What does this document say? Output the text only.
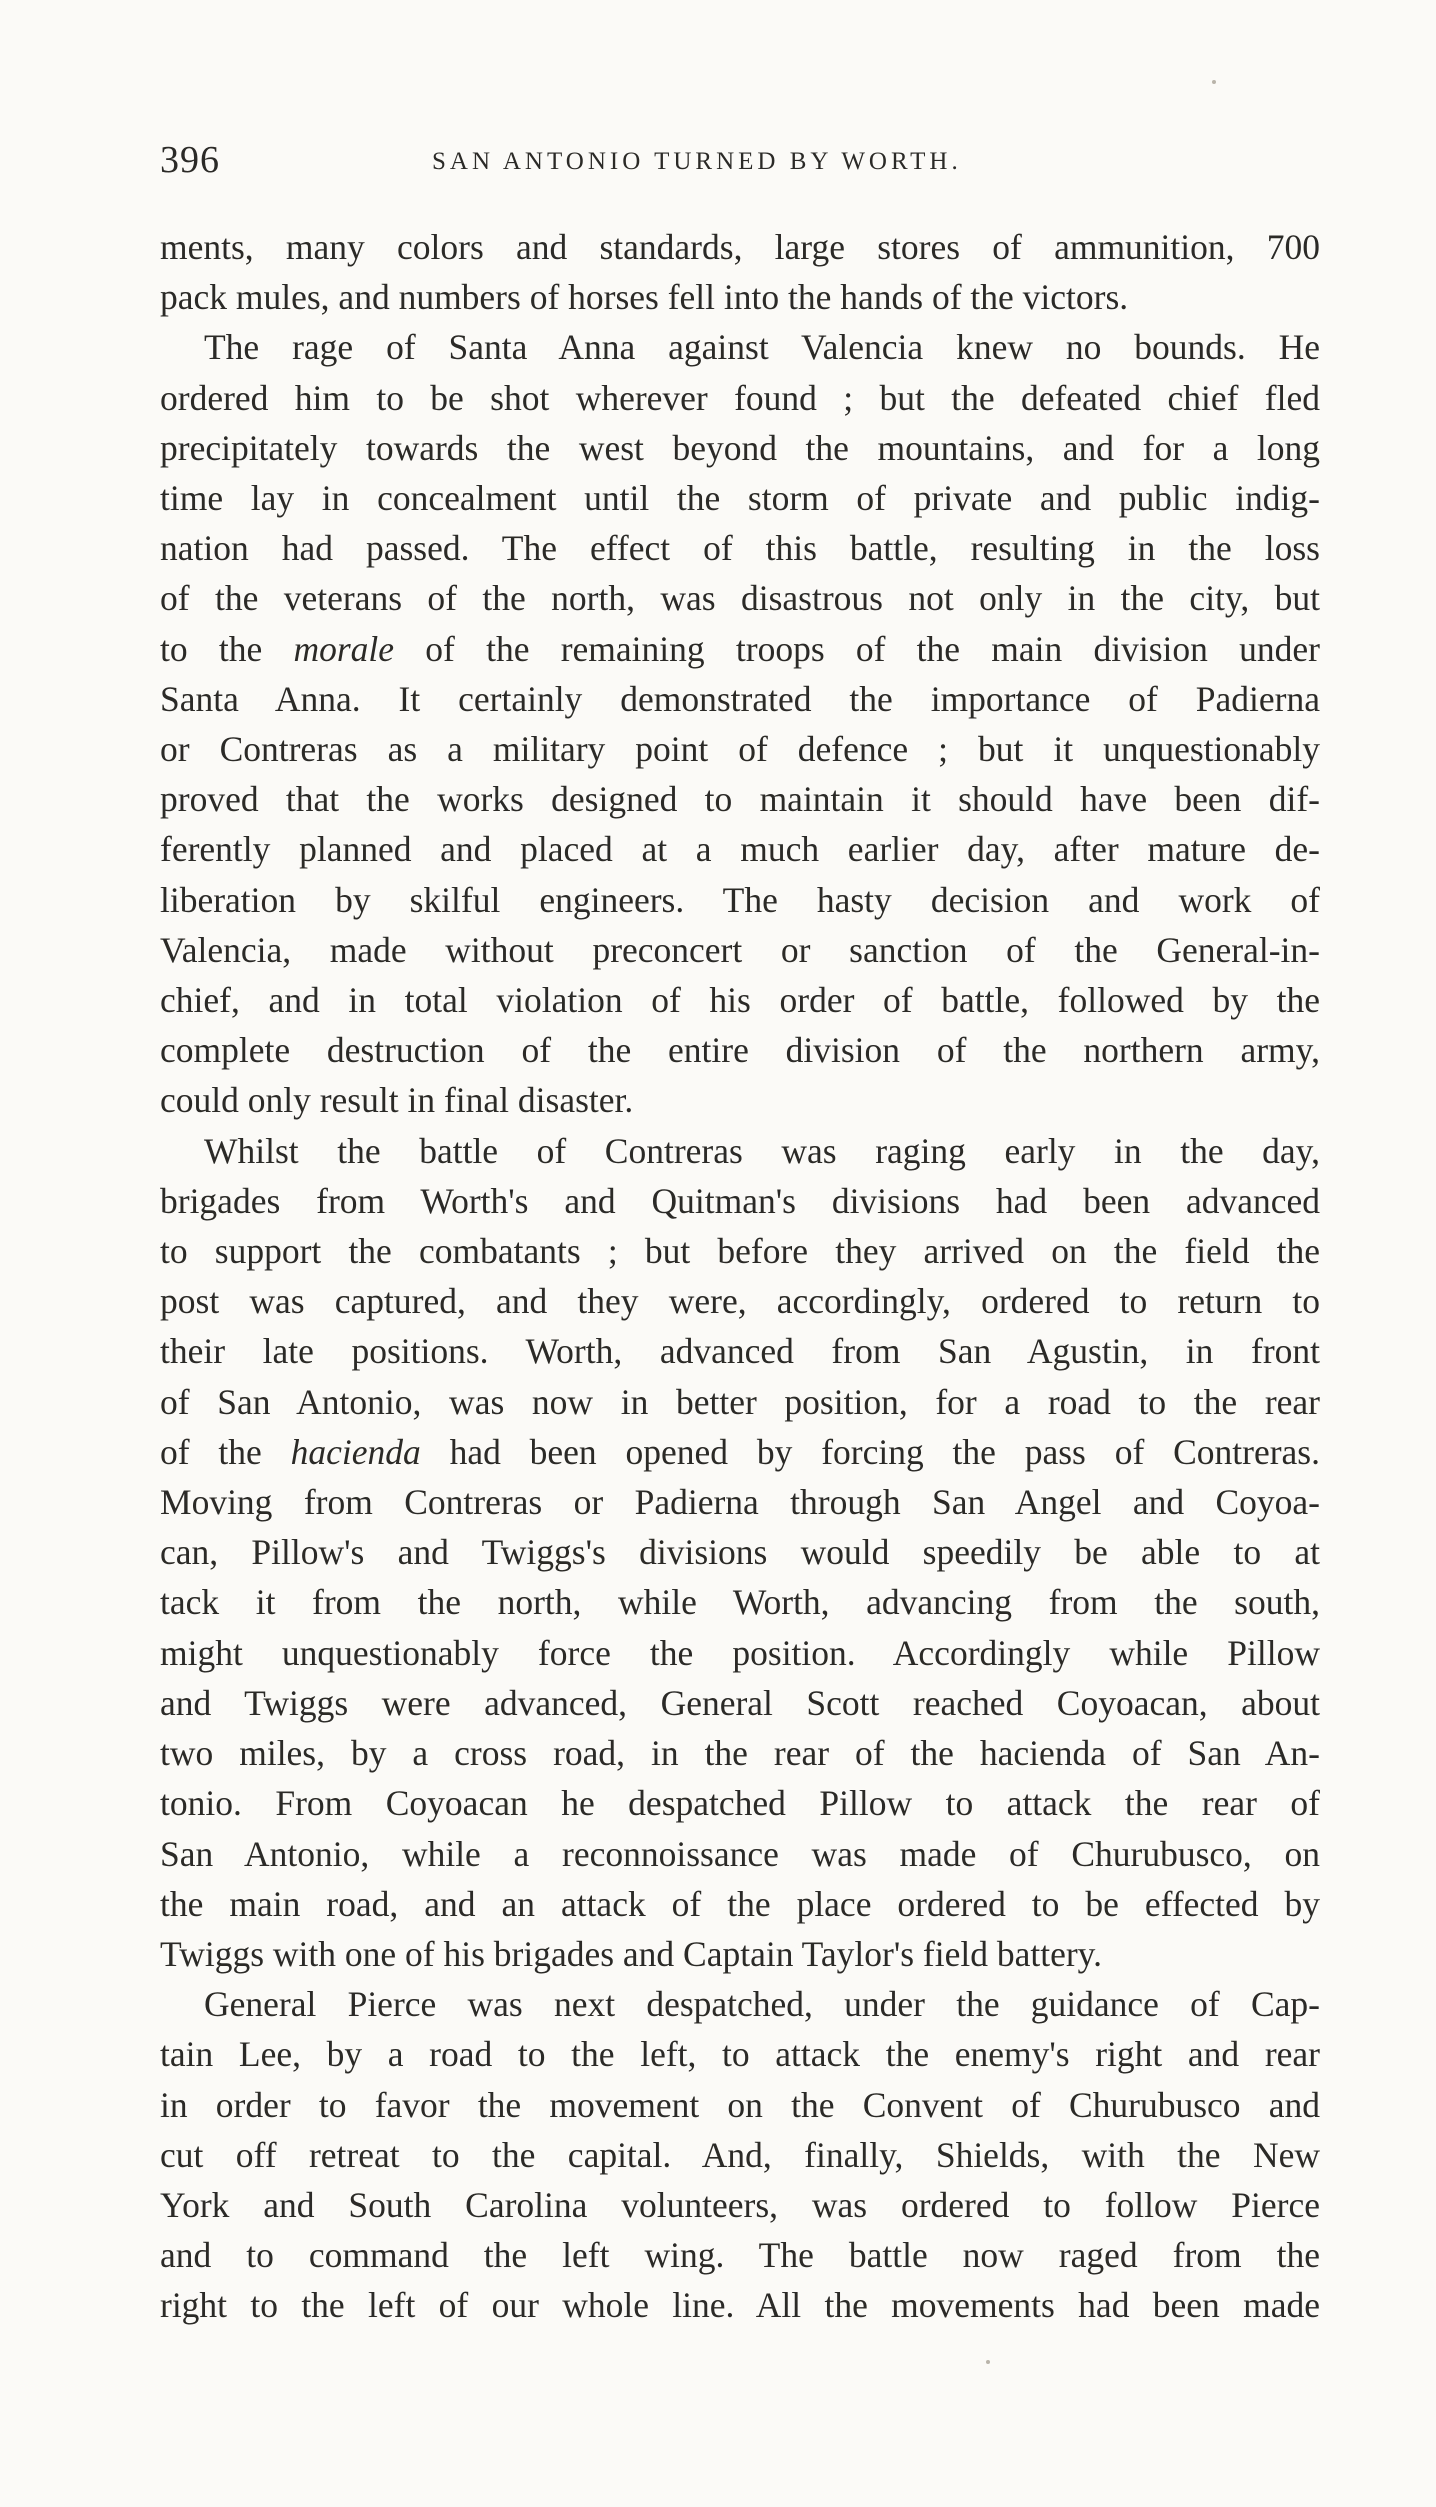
396	SAN ANTONIO TURNED BY WORTH.
ments, many colors and standards, large stores of ammunition, 700
pack mules, and numbers of horses fell into the hands of the victors.
The rage of Santa Anna against Valencia knew no bounds. He
ordered him to be shot wherever found ; but the defeated chief fled
precipitately towards the west beyond the mountains, and for a long
time lay in concealment until the storm of private and public indig-
nation had passed. The effect of this battle, resulting in the loss
of the veterans of the north, was disastrous not only in the city, but
to the morale of the remaining troops of the main division under
Santa Anna. It certainly demonstrated the importance of Padierna
or Contreras as a military point of defence ; but it unquestionably
proved that the works designed to maintain it should have been dif-
ferently planned and placed at a much earlier day, after mature de-
liberation by skilful engineers. The hasty decision and work of
Valencia, made without preconcert or sanction of the General-in-
chief, and in total violation of his order of battle, followed by the
complete destruction of the entire division of the northern army,
could only result in final disaster.
Whilst the battle of Contreras was raging early in the day,
brigades from Worth's and Quitman's divisions had been advanced
to support the combatants ; but before they arrived on the field the
post was captured, and they were, accordingly, ordered to return to
their late positions. Worth, advanced from San Agustin, in front
of San Antonio, was now in better position, for a road to the rear
of the hacienda had been opened by forcing the pass of Contreras.
Moving from Contreras or Padierna through San Angel and Coyoa-
can, Pillow's and Twiggs's divisions would speedily be able to at
tack it from the north, while Worth, advancing from the south,
might unquestionably force the position. Accordingly while Pillow
and Twiggs were advanced, General Scott reached Coyoacan, about
two miles, by a cross road, in the rear of the hacienda of San An-
tonio. From Coyoacan he despatched Pillow to attack the rear of
San Antonio, while a reconnoissance was made of Churubusco, on
the main road, and an attack of the place ordered to be effected by
Twiggs with one of his brigades and Captain Taylor's field battery.
General Pierce was next despatched, under the guidance of Cap-
tain Lee, by a road to the left, to attack the enemy's right and rear
in order to favor the movement on the Convent of Churubusco and
cut off retreat to the capital. And, finally, Shields, with the New
York and South Carolina volunteers, was ordered to follow Pierce
and to command the left wing. The battle now raged from the
right to the left of our whole line. All the movements had been made
